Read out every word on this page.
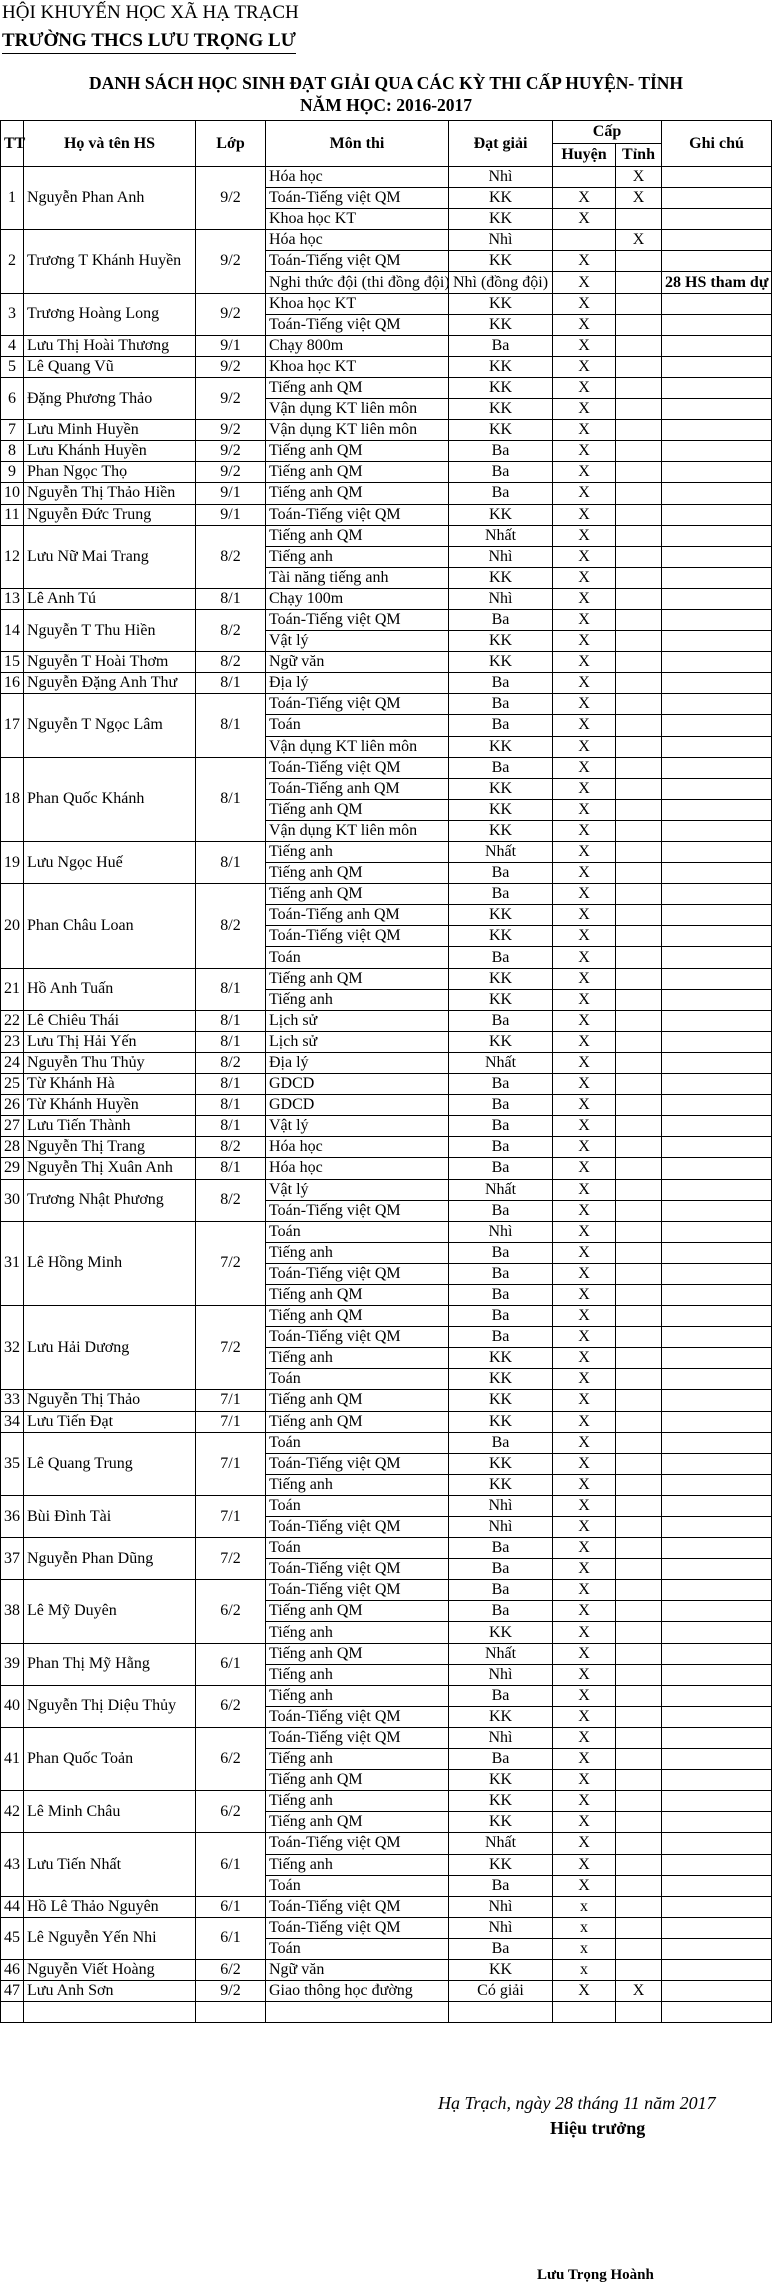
HỘI KHUYẾN HỌC XÃ HẠ TRẠCH
TRƯỜNG THCS LƯU TRỌNG LƯ
DANH SÁCH HỌC SINH ĐẠT GIẢI QUA CÁC KỲ THI CẤP HUYỆN- TỈNH
NĂM HỌC: 2016-2017
TT	Họ và tên HS	Lớp	Môn thi	Đạt giải	Cấp		Ghi chú
					Huyện	Tỉnh	
1	Nguyễn Phan Anh	9/2	Hóa học	Nhì		X	
			Toán-Tiếng việt QM	KK	X	X	
			Khoa học KT	KK	X		
2	Trương T Khánh Huyền	9/2	Hóa học	Nhì		X	
			Toán-Tiếng việt QM	KK	X		
			Nghi thức đội (thi đồng đội)	Nhì (đồng đội)	X		28 HS tham dự
3	Trương Hoàng Long	9/2	Khoa học KT	KK	X		
			Toán-Tiếng việt QM	KK	X		
4	Lưu Thị Hoài Thương	9/1	Chạy 800m	Ba	X		
5	Lê Quang Vũ	9/2	Khoa học KT	KK	X		
6	Đặng Phương Thảo	9/2	Tiếng anh QM	KK	X		
			Vận dụng KT liên môn	KK	X		
7	Lưu Minh Huyền	9/2	Vận dụng KT liên môn	KK	X		
8	Lưu Khánh Huyền	9/2	Tiếng anh QM	Ba	X		
9	Phan Ngọc Thọ	9/2	Tiếng anh QM	Ba	X		
10	Nguyễn Thị Thảo Hiền	9/1	Tiếng anh QM	Ba	X		
11	Nguyễn Đức Trung	9/1	Toán-Tiếng việt QM	KK	X		
12	Lưu Nữ Mai Trang	8/2	Tiếng anh QM	Nhất	X		
			Tiếng anh	Nhì	X		
			Tài năng tiếng anh	KK	X		
13	Lê Anh Tú	8/1	Chạy 100m	Nhì	X		
14	Nguyễn T Thu Hiền	8/2	Toán-Tiếng việt QM	Ba	X		
			Vật lý	KK	X		
15	Nguyễn T Hoài Thơm	8/2	Ngữ văn	KK	X		
16	Nguyễn Đặng Anh Thư	8/1	Địa lý	Ba	X		
17	Nguyễn T Ngọc Lâm	8/1	Toán-Tiếng việt QM	Ba	X		
			Toán	Ba	X		
			Vận dụng KT liên môn	KK	X		
18	Phan Quốc Khánh	8/1	Toán-Tiếng việt QM	Ba	X		
			Toán-Tiếng anh QM	KK	X		
			Tiếng anh QM	KK	X		
			Vận dụng KT liên môn	KK	X		
19	Lưu Ngọc Huế	8/1	Tiếng anh	Nhất	X		
			Tiếng anh QM	Ba	X		
20	Phan Châu Loan	8/2	Tiếng anh QM	Ba	X		
			Toán-Tiếng anh QM	KK	X		
			Toán-Tiếng việt QM	KK	X		
			Toán	Ba	X		
21	Hồ Anh Tuấn	8/1	Tiếng anh QM	KK	X		
			Tiếng anh	KK	X		
22	Lê Chiêu Thái	8/1	Lịch sử	Ba	X		
23	Lưu Thị Hải Yến	8/1	Lịch sử	KK	X		
24	Nguyễn Thu Thủy	8/2	Địa lý	Nhất	X		
25	Từ Khánh Hà	8/1	GDCD	Ba	X		
26	Từ Khánh Huyền	8/1	GDCD	Ba	X		
27	Lưu Tiến Thành	8/1	Vật lý	Ba	X		
28	Nguyễn Thị Trang	8/2	Hóa học	Ba	X		
29	Nguyễn Thị Xuân Anh	8/1	Hóa học	Ba	X		
30	Trương Nhật Phương	8/2	Vật lý	Nhất	X		
			Toán-Tiếng việt QM	Ba	X		
31	Lê Hồng Minh	7/2	Toán	Nhì	X		
			Tiếng anh	Ba	X		
			Toán-Tiếng việt QM	Ba	X		
			Tiếng anh QM	Ba	X		
32	Lưu Hải Dương	7/2	Tiếng anh QM	Ba	X		
			Toán-Tiếng việt QM	Ba	X		
			Tiếng anh	KK	X		
			Toán	KK	X		
33	Nguyễn Thị Thảo	7/1	Tiếng anh QM	KK	X		
34	Lưu Tiến Đạt	7/1	Tiếng anh QM	KK	X		
35	Lê Quang Trung	7/1	Toán	Ba	X		
			Toán-Tiếng việt QM	KK	X		
			Tiếng anh	KK	X		
36	Bùi Đình Tài	7/1	Toán	Nhì	X		
			Toán-Tiếng việt QM	Nhì	X		
37	Nguyễn Phan Dũng	7/2	Toán	Ba	X		
			Toán-Tiếng việt QM	Ba	X		
38	Lê Mỹ Duyên	6/2	Toán-Tiếng việt QM	Ba	X		
			Tiếng anh QM	Ba	X		
			Tiếng anh	KK	X		
39	Phan Thị Mỹ Hằng	6/1	Tiếng anh QM	Nhất	X		
			Tiếng anh	Nhì	X		
40	Nguyễn Thị Diệu Thủy	6/2	Tiếng anh	Ba	X		
			Toán-Tiếng việt QM	KK	X		
41	Phan Quốc Toản	6/2	Toán-Tiếng việt QM	Nhì	X		
			Tiếng anh	Ba	X		
			Tiếng anh QM	KK	X		
42	Lê Minh Châu	6/2	Tiếng anh	KK	X		
			Tiếng anh QM	KK	X		
43	Lưu Tiến Nhất	6/1	Toán-Tiếng việt QM	Nhất	X		
			Tiếng anh	KK	X		
			Toán	Ba	X		
44	Hồ Lê Thảo Nguyên	6/1	Toán-Tiếng việt QM	Nhì	x		
45	Lê Nguyễn Yến Nhi	6/1	Toán-Tiếng việt QM	Nhì	x		
			Toán	Ba	x		
46	Nguyễn Viết Hoàng	6/2	Ngữ văn	KK	x		
47	Lưu Anh Sơn	9/2	Giao thông học đường	Có giải	X	X	

Hạ Trạch, ngày 28 tháng 11 năm 2017
Hiệu trưởng
Lưu Trọng Hoành
